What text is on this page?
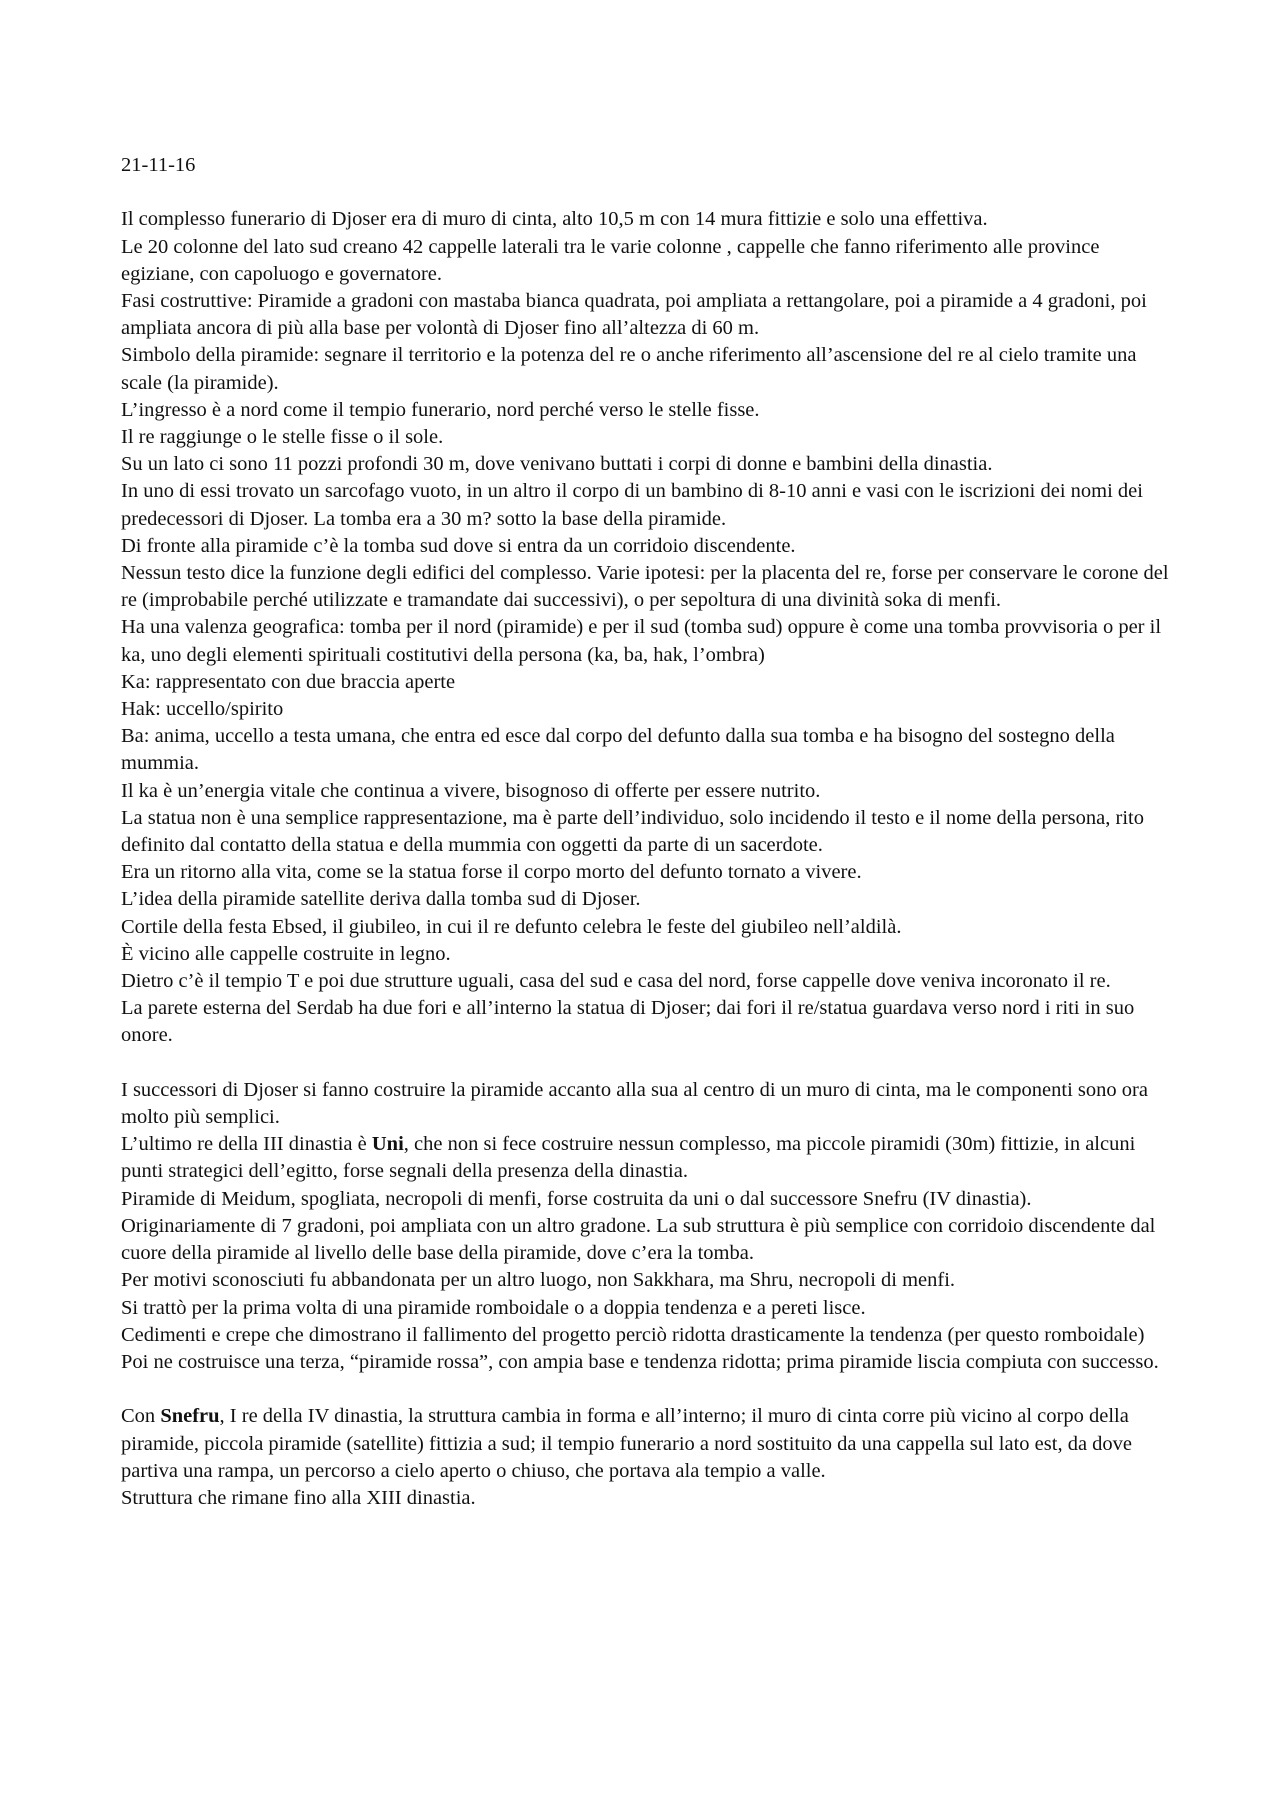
21-11-16

Il complesso funerario di Djoser era di muro di cinta, alto 10,5 m con 14 mura fittizie e solo una effettiva.

Le 20 colonne del lato sud creano 42 cappelle laterali tra le varie colonne , cappelle che fanno riferimento alle province egiziane, con capoluogo e governatore.

Fasi costruttive: Piramide a gradoni con mastaba bianca quadrata, poi ampliata a rettangolare, poi a piramide a 4 gradoni, poi ampliata ancora di più alla base per volontà di Djoser fino all’altezza di 60 m.

Simbolo della piramide: segnare il territorio e la potenza del re o anche riferimento all’ascensione del re al cielo tramite una scale (la piramide).

L’ingresso è a nord come il tempio funerario, nord perché verso le stelle fisse.

Il re raggiunge o le stelle fisse o il sole.

Su un lato ci sono 11 pozzi profondi 30 m, dove venivano buttati i corpi di donne e bambini della dinastia.

In uno di essi trovato un sarcofago vuoto, in un altro il corpo di un bambino di 8-10 anni e vasi con le iscrizioni dei nomi dei predecessori di Djoser. La tomba era a 30 m? sotto la base della piramide.

Di fronte alla piramide c’è la tomba sud dove si entra da un corridoio discendente.

Nessun testo dice la funzione degli edifici del complesso. Varie ipotesi: per la placenta del re, forse per conservare le corone del re (improbabile perché utilizzate e tramandate dai successivi), o per sepoltura di una divinità soka di menfi.

Ha una valenza geografica: tomba per il nord (piramide) e per il sud (tomba sud) oppure è come una tomba provvisoria o per il ka, uno degli elementi spirituali costitutivi della persona (ka, ba, hak, l’ombra)

Ka: rappresentato con due braccia aperte

Hak: uccello/spirito

Ba: anima, uccello a testa umana, che entra ed esce dal corpo del defunto dalla sua tomba e ha bisogno del sostegno della mummia.

Il ka è un’energia vitale che continua a vivere, bisognoso di offerte per essere nutrito.

La statua non è una semplice rappresentazione, ma è parte dell’individuo, solo incidendo il testo e il nome della persona, rito definito dal contatto della statua e della mummia con oggetti da parte di un sacerdote.

Era un ritorno alla vita, come se la statua forse il corpo morto del defunto tornato a vivere.

L’idea della piramide satellite deriva dalla tomba sud di Djoser.

Cortile della festa Ebsed, il giubileo, in cui il re defunto celebra le feste del giubileo nell’aldilà.

È vicino alle cappelle costruite in legno.

Dietro c’è il tempio T e poi due strutture uguali, casa del sud e casa del nord, forse cappelle dove veniva incoronato il re.

La parete esterna del Serdab ha due fori e all’interno la statua di Djoser; dai fori il re/statua guardava verso nord i riti in suo onore.

I successori di Djoser si fanno costruire la piramide accanto alla sua al centro di un muro di cinta, ma le componenti sono ora molto più semplici.

L’ultimo re della III dinastia è Uni, che non si fece costruire nessun complesso, ma piccole piramidi (30m) fittizie, in alcuni punti strategici dell’egitto, forse segnali della presenza della dinastia.

Piramide di Meidum, spogliata, necropoli di menfi, forse costruita da uni o dal successore Snefru (IV dinastia).

Originariamente di 7 gradoni, poi ampliata con un altro gradone. La sub struttura è più semplice con corridoio discendente dal cuore della piramide al livello delle base della piramide, dove c’era la tomba.

Per motivi sconosciuti fu abbandonata per un altro luogo, non Sakkhara, ma Shru, necropoli di menfi.

Si trattò per la prima volta di una piramide romboidale o a doppia tendenza e a pereti lisce.

Cedimenti e crepe che dimostrano il fallimento del progetto perciò ridotta drasticamente la tendenza (per questo romboidale)

Poi ne costruisce una terza, “piramide rossa”, con ampia base e tendenza ridotta; prima piramide liscia compiuta con successo.

Con Snefru, I re della IV dinastia, la struttura cambia in forma e all’interno; il muro di cinta corre più vicino al corpo della piramide, piccola piramide (satellite) fittizia a sud; il tempio funerario a nord sostituito da una cappella sul lato est, da dove partiva una rampa, un percorso a cielo aperto o chiuso, che portava ala tempio a valle.

Struttura che rimane fino alla XIII dinastia.
